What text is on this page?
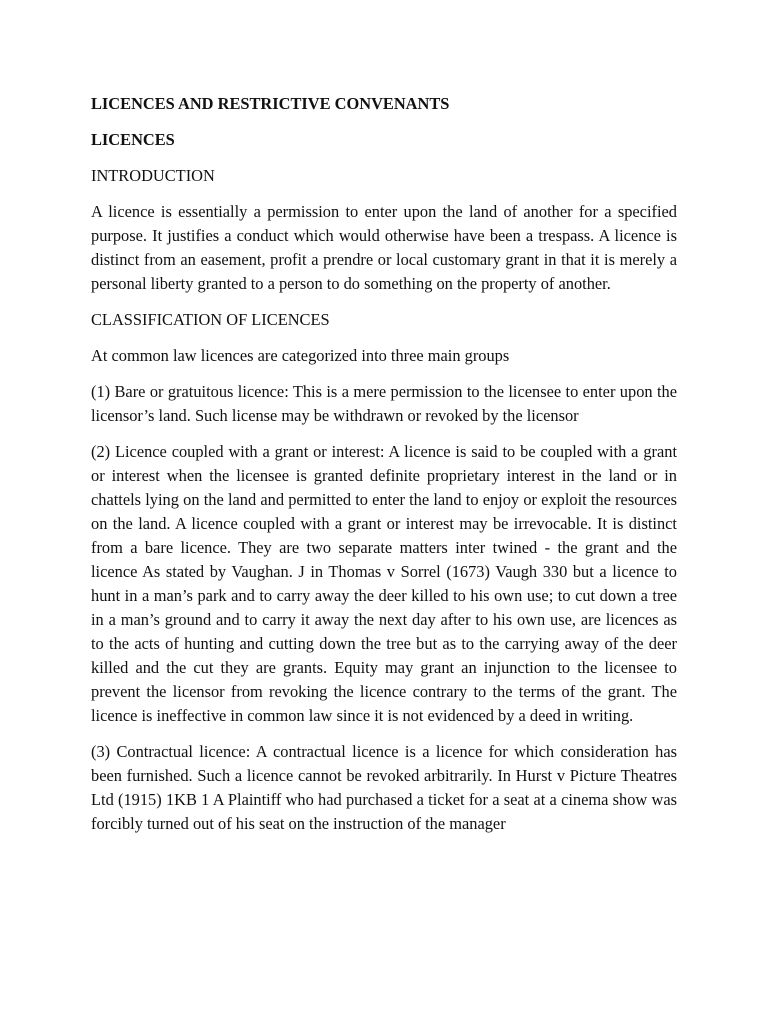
LICENCES AND RESTRICTIVE CONVENANTS

LICENCES

INTRODUCTION

A licence is essentially a permission to enter upon the land of another for a specified purpose. It justifies a conduct which would otherwise have been a trespass. A licence is distinct from an easement, profit a prendre or local customary grant in that it is merely a personal liberty granted to a person to do something on the property of another.

CLASSIFICATION OF LICENCES

At common law licences are categorized into three main groups

(1) Bare or gratuitous licence: This is a mere permission to the licensee to enter upon the licensor’s land. Such license may be withdrawn or revoked by the licensor

(2) Licence coupled with a grant or interest: A licence is said to be coupled with a grant or interest when the licensee is granted definite proprietary interest in the land or in chattels lying on the land and permitted to enter the land to enjoy or exploit the resources on the land. A licence coupled with a grant or interest may be irrevocable. It is distinct from a bare licence. They are two separate matters inter twined - the grant and the licence As stated by Vaughan. J in Thomas v Sorrel (1673) Vaugh 330 but a licence to hunt in a man’s park and to carry away the deer killed to his own use; to cut down a tree in a man’s ground and to carry it away the next day after to his own use, are licences as to the acts of hunting and cutting down the tree but as to the carrying away of the deer killed and the cut they are grants. Equity may grant an injunction to the licensee to prevent the licensor from revoking the licence contrary to the terms of the grant. The licence is ineffective in common law since it is not evidenced by a deed in writing.

(3) Contractual licence: A contractual licence is a licence for which consideration has been furnished. Such a licence cannot be revoked arbitrarily. In Hurst v Picture Theatres Ltd (1915) 1KB 1 A Plaintiff who had purchased a ticket for a seat at a cinema show was forcibly turned out of his seat on the instruction of the manager
